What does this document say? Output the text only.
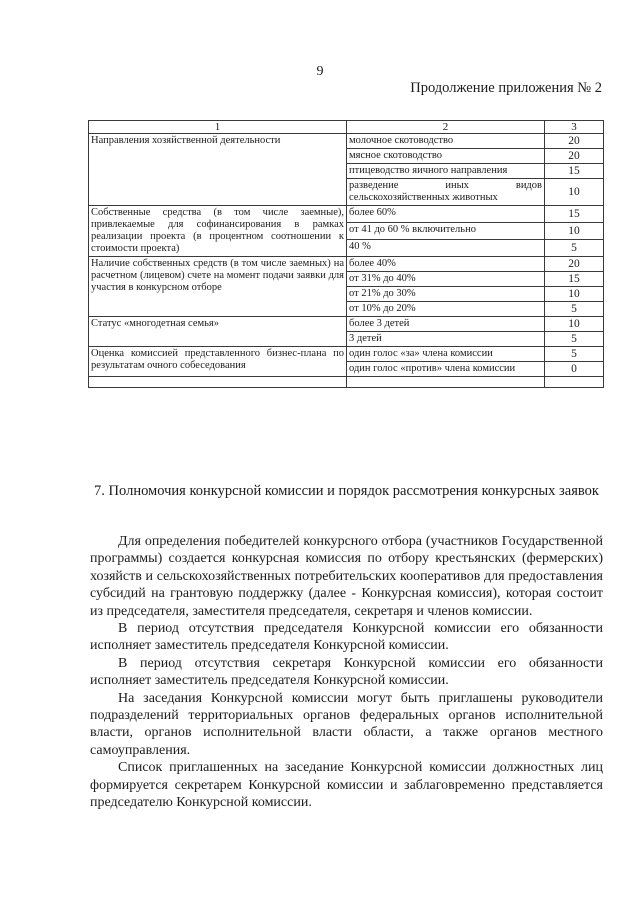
9
Продолжение приложения № 2
1	2	3
Направления хозяйственной деятельности	молочное скотоводство	20
	мясное скотоводство	20
	птицеводство яичного направления	15
	разведение иных видов сельскохозяйственных животных	10
Собственные средства (в том числе заемные), привлекаемые для софинансирования в рамках реализации проекта (в процентном соотношении к стоимости проекта)	более 60%	15
	от 41 до 60 % включительно	10
	40 %	5
Наличие собственных средств (в том числе заемных) на расчетном (лицевом) счете на момент подачи заявки для участия в конкурсном отборе	более 40%	20
	от 31% до 40%	15
	от 21% до 30%	10
	от 10% до 20%	5
Статус «многодетная семья»	более 3 детей	10
	3 детей	5
Оценка комиссией представленного бизнес-плана по результатам очного собеседования	один голос «за» члена комиссии	5
	один голос «против» члена комиссии	0

7. Полномочия конкурсной комиссии и порядок рассмотрения конкурсных заявок

Для определения победителей конкурсного отбора (участников Государственной программы) создается конкурсная комиссия по отбору крестьянских (фермерских) хозяйств и сельскохозяйственных потребительских кооперативов для предоставления субсидий на грантовую поддержку (далее - Конкурсная комиссия), которая состоит из председателя, заместителя председателя, секретаря и членов комиссии.

В период отсутствия председателя Конкурсной комиссии его обязанности исполняет заместитель председателя Конкурсной комиссии.

В период отсутствия секретаря Конкурсной комиссии его обязанности исполняет заместитель председателя Конкурсной комиссии.

На заседания Конкурсной комиссии могут быть приглашены руководители подразделений территориальных органов федеральных органов исполнительной власти, органов исполнительной власти области, а также органов местного самоуправления.

Список приглашенных на заседание Конкурсной комиссии должностных лиц формируется секретарем Конкурсной комиссии и заблаговременно представляется председателю Конкурсной комиссии.
